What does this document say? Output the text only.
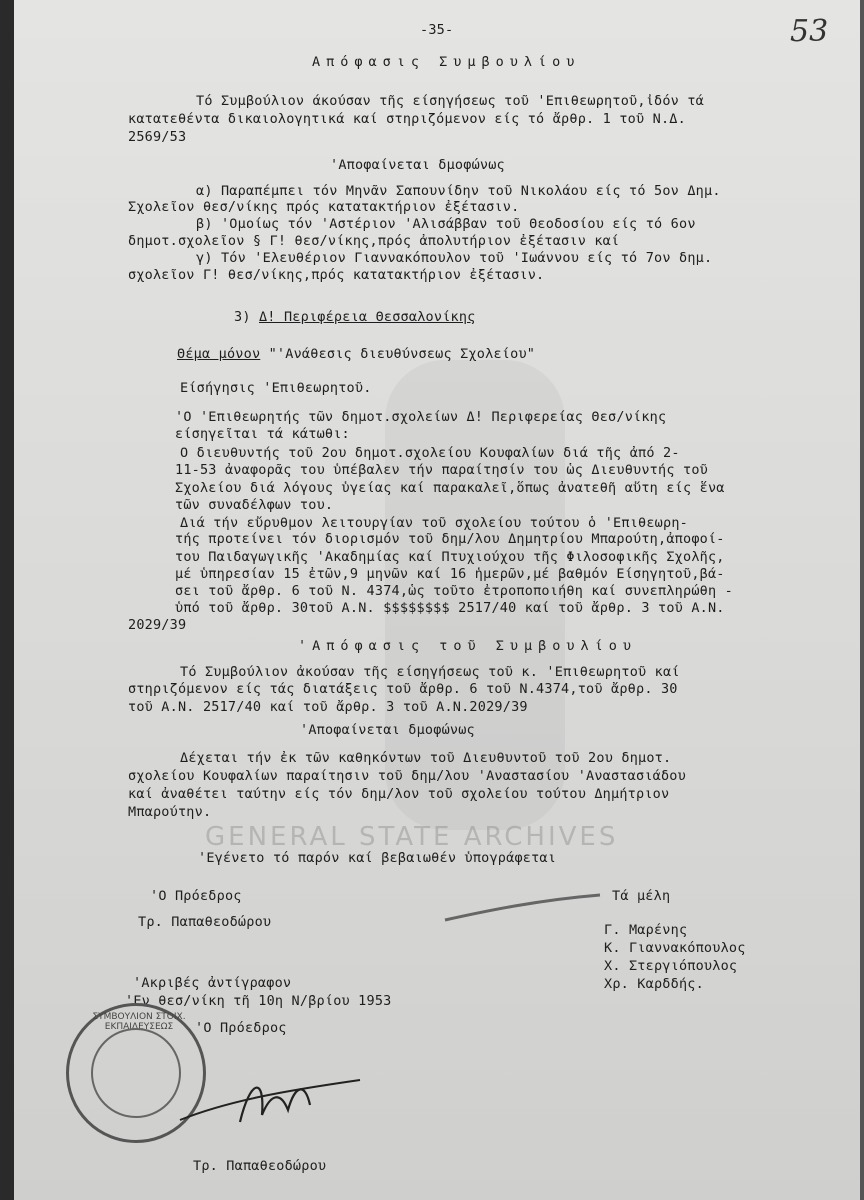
-35-	53
Απόφασις Συμβουλίου
Τό Συμβούλιον άκούσαν τῆς είσηγήσεως τοῦ 'Επιθεωρητοῦ,ἰδόν τά
κατατεθέντα δικαιολογητικά καί στηριζόμενον είς τό ἄρθρ. 1 τοῦ Ν.Δ.
2569/53
'Αποφαίνεται δμοφώνως
α) Παραπέμπει τόν Μηνᾶν Σαπουνίδην τοῦ Νικολάου είς τό 5ον Δημ.
Σχολεῖον θεσ/νίκης πρός κατατακτήριον ἐξέτασιν.
β) 'Ομοίως τόν 'Αστέριον 'Αλισάββαν τοῦ Θεοδοσίου είς τό 6ον
δημοτ.σχολεῖον § Γ! θεσ/νίκης,πρός ἀπολυτήριον ἐξέτασιν καί
γ) Τόν 'Ελευθέριον Γιαννακόπουλον τοῦ 'Ιωάννου είς τό 7ον δημ.
σχολεῖον Γ! θεσ/νίκης,πρός κατατακτήριον ἐξέτασιν.
3) Δ! Περιφέρεια Θεσσαλονίκης
Θέμα μόνον "'Ανάθεσις διευθύνσεως Σχολείου"
Είσήγησις 'Επιθεωρητοῦ.
'Ο 'Επιθεωρητής τῶν δημοτ.σχολείων Δ! Περιφερείας Θεσ/νίκης
είσηγεῖται τά κάτωθι:
Ο διευθυντής τοῦ 2ου δημοτ.σχολείου Κουφαλίων διά τῆς ἀπό 2-
11-53 ἀναφορᾶς του ὑπέβαλεν τήν παραίτησίν του ὡς Διευθυντής τοῦ
Σχολείου διά λόγους ὑγείας καί παρακαλεῖ,ὅπως ἀνατεθῆ αὕτη είς ἕνα
τῶν συναδέλφων του.
Διά τήν εὔρυθμον λειτουργίαν τοῦ σχολείου τούτου ὁ 'Επιθεωρη-
τής προτείνει τόν διορισμόν τοῦ δημ/λου Δημητρίου Μπαρούτη,ἀποφοί-
του Παιδαγωγικῆς 'Ακαδημίας καί Πτυχιούχου τῆς Φιλοσοφικῆς Σχολῆς,
μέ ὑπηρεσίαν 15 ἐτῶν,9 μηνῶν καί 16 ἡμερῶν,μέ βαθμόν Είσηγητοῦ,βά-
σει τοῦ ἄρθρ. 6 τοῦ Ν. 4374,ὡς τοῦτο ἐτροποποιήθη καί συνεπληρώθη -
ὑπό τοῦ ἄρθρ. 30τοῦ Α.Ν. $$$$$$$$ 2517/40 καί τοῦ ἄρθρ. 3 τοῦ Α.Ν.
2029/39
'Απόφασις τοῦ Συμβουλίου
Τό Συμβούλιον ἀκούσαν τῆς είσηγήσεως τοῦ κ. 'Επιθεωρητοῦ καί
στηριζόμενον είς τάς διατάξεις τοῦ ἄρθρ. 6 τοῦ Ν.4374,τοῦ ἄρθρ. 30
τοῦ Α.Ν. 2517/40 καί τοῦ ἄρθρ. 3 τοῦ Α.Ν.2029/39
'Αποφαίνεται δμοφώνως
Δέχεται τήν ἐκ τῶν καθηκόντων τοῦ Διευθυντοῦ τοῦ 2ου δημοτ.
σχολείου Κουφαλίων παραίτησιν τοῦ δημ/λου 'Αναστασίου 'Αναστασιάδου
καί ἀναθέτει ταύτην είς τόν δημ/λον τοῦ σχολείου τούτου Δημήτριον
Μπαρούτην.
'Εγένετο τό παρόν καί βεβαιωθέν ὑπογράφεται
'Ο Πρόεδρος
Τρ. Παπαθεοδώρου
Τά μέλη
Γ. Μαρένης
Κ. Γιαννακόπουλος
Χ. Στεργιόπουλος
Χρ. Καρδδής.
'Ακριβές ἀντίγραφον
'Εν θεσ/νίκη τῆ 10η Ν/βρίου 1953
'Ο Πρόεδρος
Τρ. Παπαθεοδώρου
GENERAL STATE ARCHIVES
ΣΥΜΒΟΥΛΙΟΝ ΣΤΟΙΧ. ΕΚΠΑΙΔΕΥΣΕΩΣ
